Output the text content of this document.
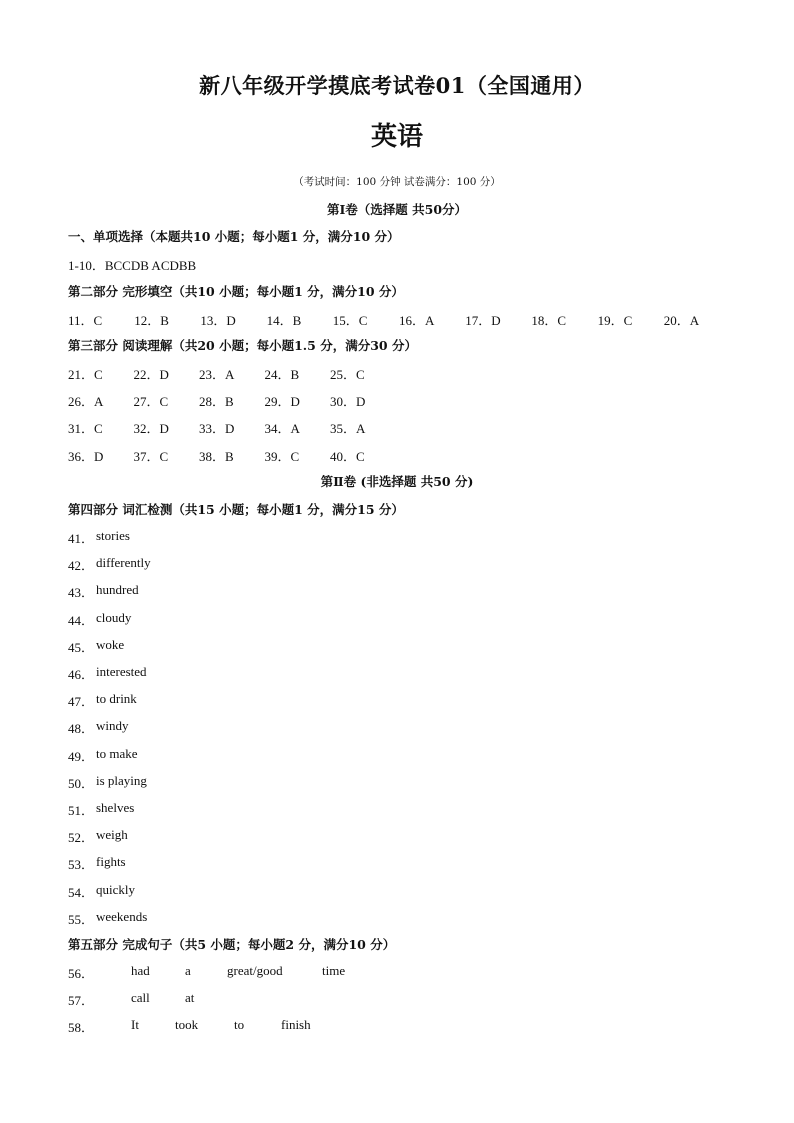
新八年级开学摸底考试卷01（全国通用）
英语
（考试时间：100 分钟 试卷满分：100 分）
第I卷（选择题 共50分）
一、单项选择（本题共10 小题；每小题1 分，满分10 分）
1-10．BCCDB ACDBB
第二部分 完形填空（共10 小题；每小题1 分，满分10 分）
11．C 12．B 13．D 14．B 15．C 16．A 17．D 18．C 19．C 20．A
第三部分 阅读理解（共20 小题；每小题1.5 分，满分30 分）
21．C 22．D 23．A 24．B 25．C
26．A 27．C 28．B 29．D 30．D
31．C 32．D 33．D 34．A 35．A
36．D 37．C 38．B 39．C 40．C
第Ⅱ卷 (非选择题 共50 分)
第四部分 词汇检测（共15 小题；每小题1 分，满分15 分）
41． stories
42． differently
43． hundred
44． cloudy
45． woke
46． interested
47． to drink
48． windy
49． to make
50． is playing
51． shelves
52． weigh
53． fights
54． quickly
55． weekends
第五部分 完成句子（共5 小题；每小题2 分，满分10 分）
56．	had	a	great/good	time
57．	call	at
58．	It	took	to	finish
